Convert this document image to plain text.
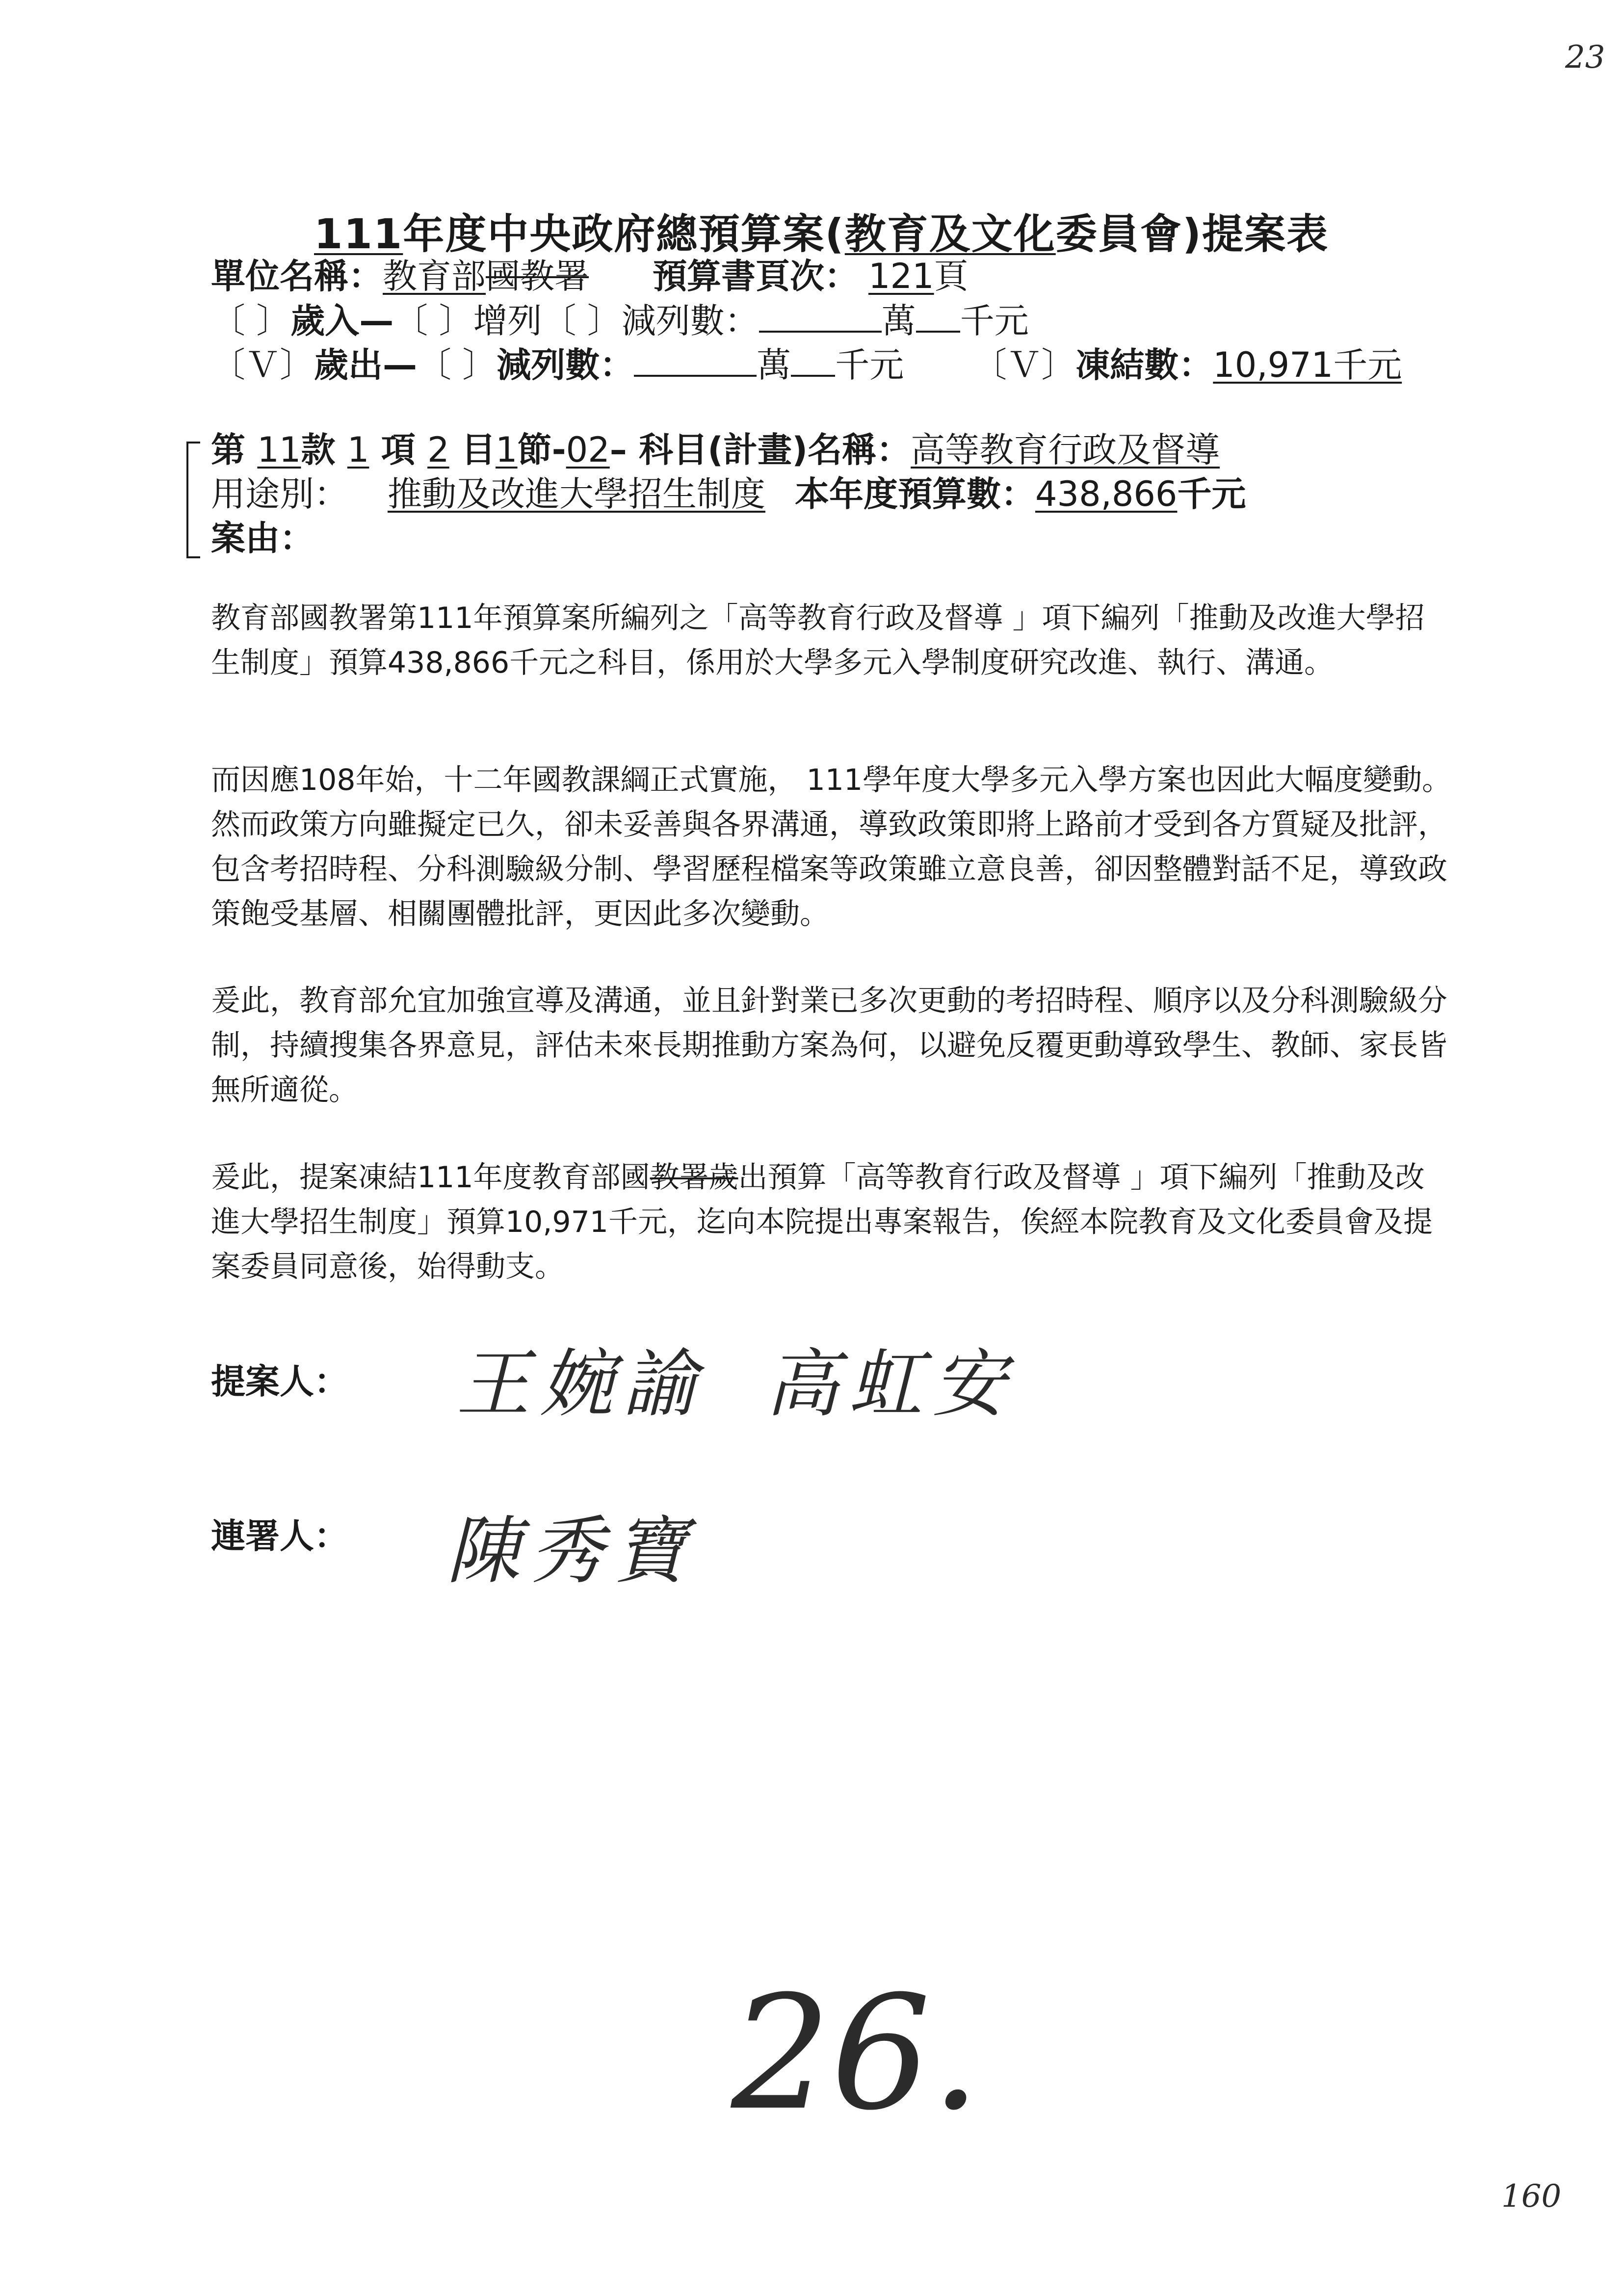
23
111年度中央政府總預算案(教育及文化委員會)提案表
單位名稱：教育部國教署 預算書頁次： 121頁
〔 〕歲入—〔 〕增列〔 〕減列數：	萬 千元
〔Ｖ〕歲出—〔 〕減列數：	萬 千元 〔Ｖ〕凍結數：10,971千元
第 11款 1 項 2 目1節-02– 科目(計畫)名稱：高等教育行政及督導
用途別： 推動及改進大學招生制度 本年度預算數：438,866千元
案由：
教育部國教署第111年預算案所編列之「高等教育行政及督導 」項下編列「推動及改進大學招生制度」預算438,866千元之科目，係用於大學多元入學制度研究改進、執行、溝通。
而因應108年始，十二年國教課綱正式實施， 111學年度大學多元入學方案也因此大幅度變動。然而政策方向雖擬定已久，卻未妥善與各界溝通，導致政策即將上路前才受到各方質疑及批評，包含考招時程、分科測驗級分制、學習歷程檔案等政策雖立意良善，卻因整體對話不足，導致政策飽受基層、相關團體批評，更因此多次變動。
爰此，教育部允宜加強宣導及溝通，並且針對業已多次更動的考招時程、順序以及分科測驗級分制，持續搜集各界意見，評估未來長期推動方案為何，以避免反覆更動導致學生、教師、家長皆無所適從。
爰此，提案凍結111年度教育部國教署歲出預算「高等教育行政及督導 」項下編列「推動及改進大學招生制度」預算10,971千元，迄向本院提出專案報告，俟經本院教育及文化委員會及提案委員同意後，始得動支。
提案人： 王婉諭 高虹安
連署人： 陳秀寶
26.
160
